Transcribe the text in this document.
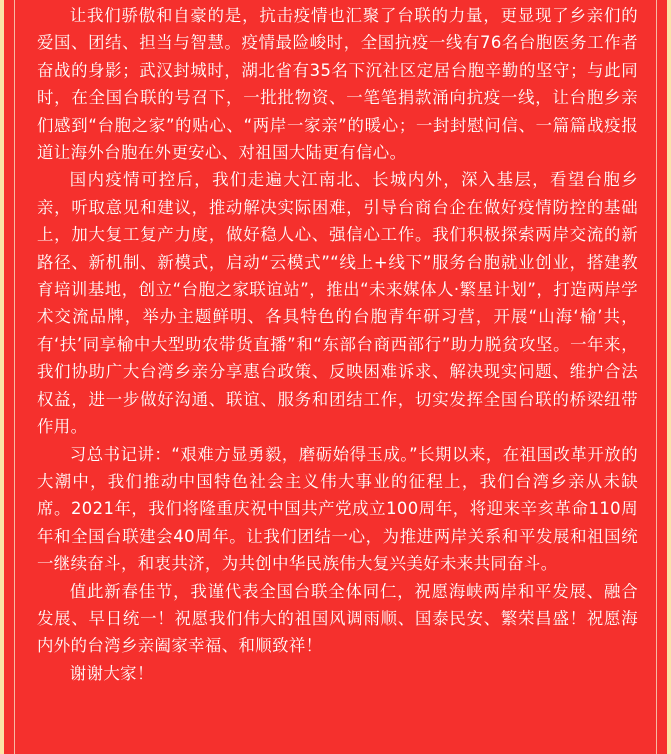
让我们骄傲和自豪的是，抗击疫情也汇聚了台联的力量，更显现了乡亲们的爱国、团结、担当与智慧。疫情最险峻时，全国抗疫一线有76名台胞医务工作者奋战的身影；武汉封城时，湖北省有35名下沉社区定居台胞辛勤的坚守；与此同时，在全国台联的号召下，一批批物资、一笔笔捐款涌向抗疫一线，让台胞乡亲们感到“台胞之家”的贴心、“两岸一家亲”的暖心；一封封慰问信、一篇篇战疫报道让海外台胞在外更安心、对祖国大陆更有信心。

国内疫情可控后，我们走遍大江南北、长城内外，深入基层，看望台胞乡亲，听取意见和建议，推动解决实际困难，引导台商台企在做好疫情防控的基础上，加大复工复产力度，做好稳人心、强信心工作。我们积极探索两岸交流的新路径、新机制、新模式，启动“云模式”“线上+线下”服务台胞就业创业，搭建教育培训基地，创立“台胞之家联谊站”，推出“未来媒体人·繁星计划”，打造两岸学术交流品牌，举办主题鲜明、各具特色的台胞青年研习营，开展“山海‘榆’共，有‘扶’同享榆中大型助农带货直播”和“东部台商西部行”助力脱贫攻坚。一年来，我们协助广大台湾乡亲分享惠台政策、反映困难诉求、解决现实问题、维护合法权益，进一步做好沟通、联谊、服务和团结工作，切实发挥全国台联的桥梁纽带作用。

习总书记讲：“艰难方显勇毅，磨砺始得玉成。”长期以来，在祖国改革开放的大潮中，我们推动中国特色社会主义伟大事业的征程上，我们台湾乡亲从未缺席。2021年，我们将隆重庆祝中国共产党成立100周年，将迎来辛亥革命110周年和全国台联建会40周年。让我们团结一心，为推进两岸关系和平发展和祖国统一继续奋斗，和衷共济，为共创中华民族伟大复兴美好未来共同奋斗。

值此新春佳节，我谨代表全国台联全体同仁，祝愿海峡两岸和平发展、融合发展、早日统一！祝愿我们伟大的祖国风调雨顺、国泰民安、繁荣昌盛！祝愿海内外的台湾乡亲阖家幸福、和顺致祥！

谢谢大家！
